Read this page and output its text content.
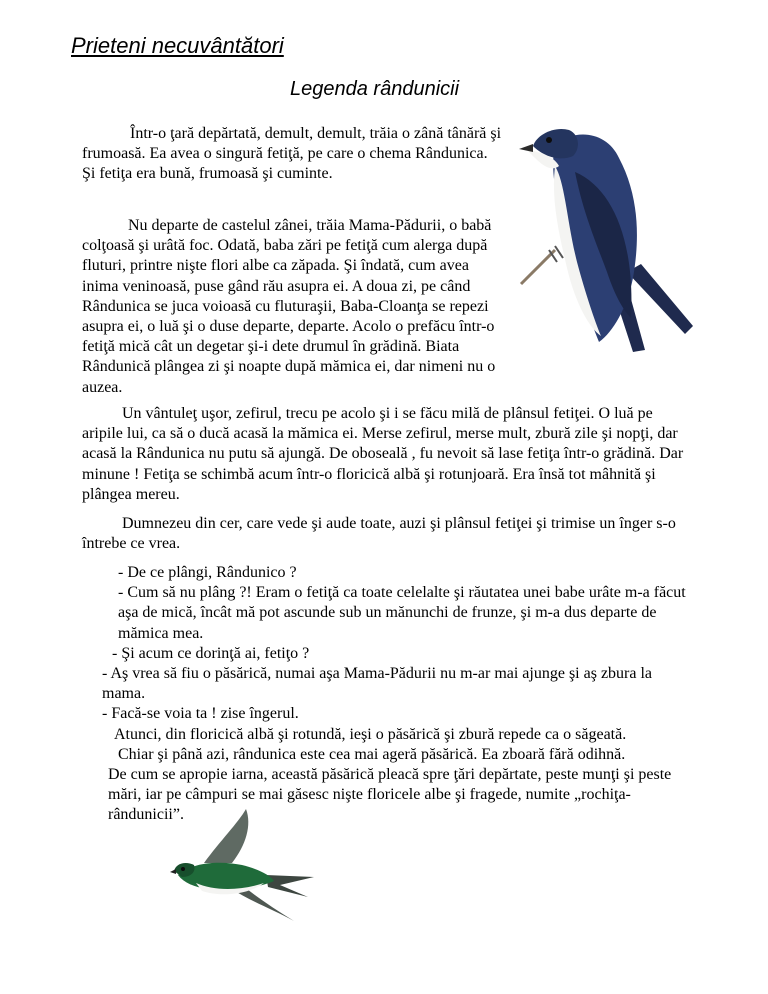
Prieteni necuvântători
Legenda rândunicii

Într-o ţară depărtată, demult, demult, trăia o zână tânără şi frumoasă. Ea avea o singură fetiţă, pe care o chema Rândunica. Şi fetiţa era bună, frumoasă şi cuminte.

Nu departe de castelul zânei, trăia Mama-Pădurii, o babă colţoasă şi urâtă foc. Odată, baba zări pe fetiţă cum alerga după fluturi, printre nişte flori albe ca zăpada. Şi îndată, cum avea inima veninoasă, puse gând rău asupra ei. A doua zi, pe când Rândunica se juca voioasă cu fluturaşii, Baba-Cloanţa se repezi asupra ei, o luă şi o duse departe, departe. Acolo o prefăcu într-o fetiţă mică cât un degetar şi-i dete drumul în grădină. Biata Rândunică plângea zi şi noapte după mămica ei, dar nimeni nu o auzea.

Un vântuleţ uşor, zefirul, trecu pe acolo şi i se făcu milă de plânsul fetiţei. O luă pe aripile lui, ca să o ducă acasă la mămica ei. Merse zefirul, merse mult, zbură zile şi nopţi, dar acasă la Rândunica nu putu să ajungă. De oboseală , fu nevoit să lase fetiţa într-o grădină. Dar minune ! Fetiţa se schimbă acum într-o floricică albă şi rotunjoară. Era însă tot mâhnită şi plângea mereu.

Dumnezeu din cer, care vede şi aude toate, auzi şi plânsul fetiţei şi trimise un înger s-o întrebe ce vrea.

- De ce plângi, Rândunico ?
- Cum să nu plâng ?! Eram o fetiţă ca toate celelalte şi răutatea unei babe urâte m-a făcut aşa de mică, încât mă pot ascunde sub un mănunchi de frunze, şi m-a dus departe de mămica mea.
- Şi acum ce dorinţă ai, fetiţo ?
- Aş vrea să fiu o păsărică, numai aşa Mama-Pădurii nu m-ar mai ajunge şi aş zbura la mama.
- Facă-se voia ta ! zise îngerul.
Atunci, din floricică albă şi rotundă, ieşi o păsărică şi zbură repede ca o săgeată.
Chiar şi până azi, rândunica este cea mai ageră păsărică. Ea zboară fără odihnă.
De cum se apropie iarna, această păsărică pleacă spre ţări depărtate, peste munţi şi peste mări, iar pe câmpuri se mai găsesc nişte floricele albe şi fragede, numite „rochiţa-rândunicii”.
